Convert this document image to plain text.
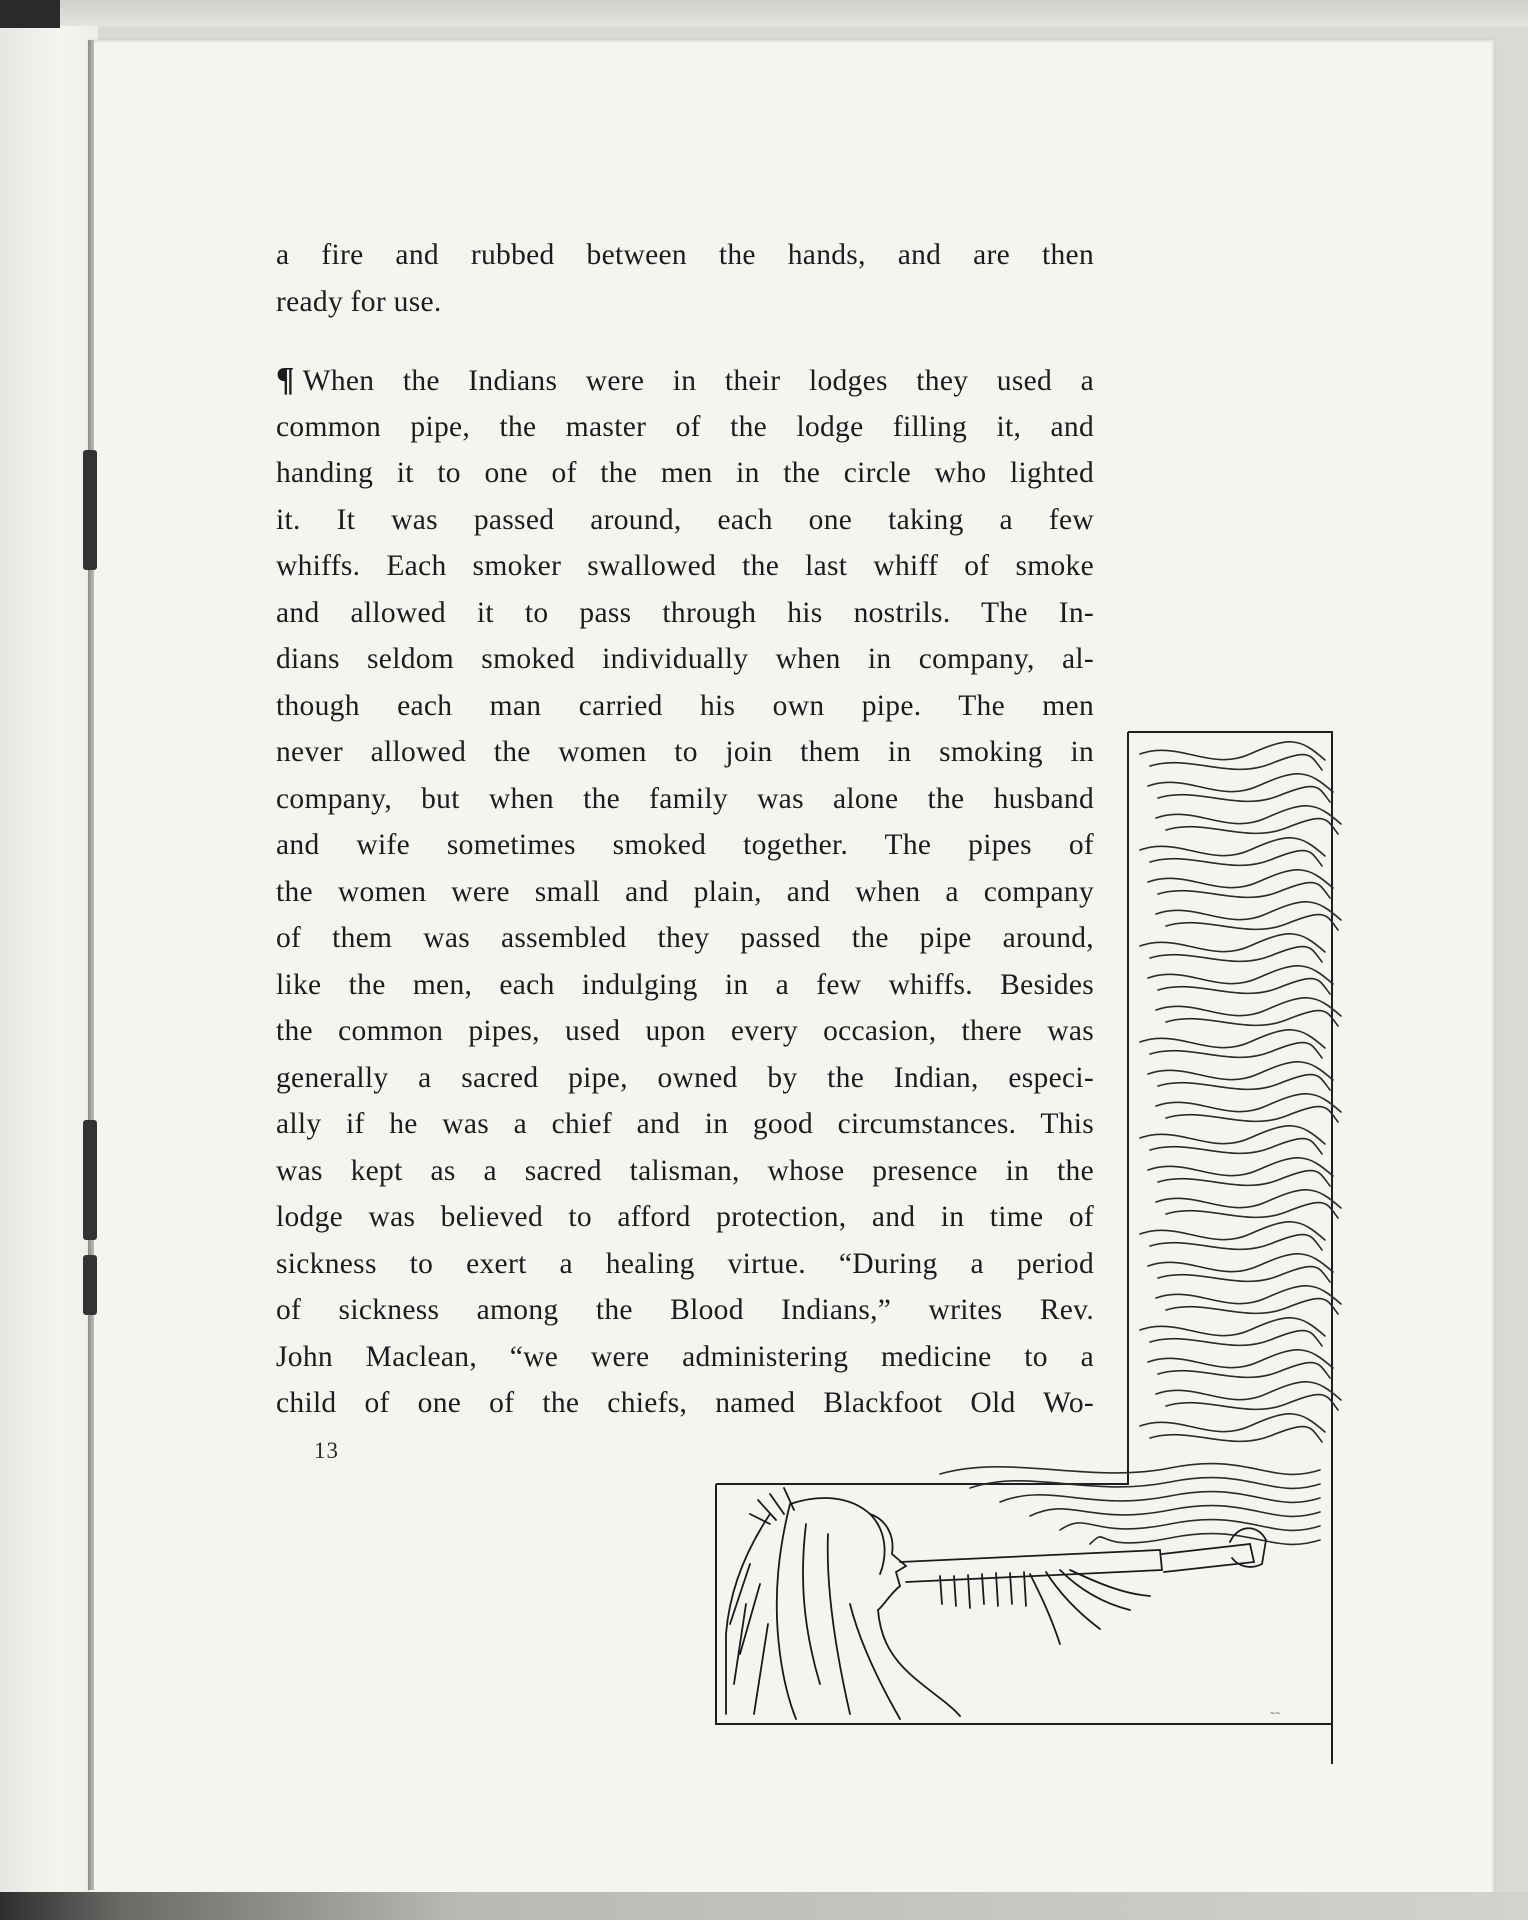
a fire and rubbed between the hands, and are then
ready for use.
¶ When the Indians were in their lodges they used a
common pipe, the master of the lodge filling it, and
handing it to one of the men in the circle who lighted
it. It was passed around, each one taking a few
whiffs. Each smoker swallowed the last whiff of smoke
and allowed it to pass through his nostrils. The In-
dians seldom smoked individually when in company, al-
though each man carried his own pipe. The men
never allowed the women to join them in smoking in
company, but when the family was alone the husband
and wife sometimes smoked together. The pipes of
the women were small and plain, and when a company
of them was assembled they passed the pipe around,
like the men, each indulging in a few whiffs. Besides
the common pipes, used upon every occasion, there was
generally a sacred pipe, owned by the Indian, especi-
ally if he was a chief and in good circumstances. This
was kept as a sacred talisman, whose presence in the
lodge was believed to afford protection, and in time of
sickness to exert a healing virtue. “During a period
of sickness among the Blood Indians,” writes Rev.
John Maclean, “we were administering medicine to a
child of one of the chiefs, named Blackfoot Old Wo-
13
~~
